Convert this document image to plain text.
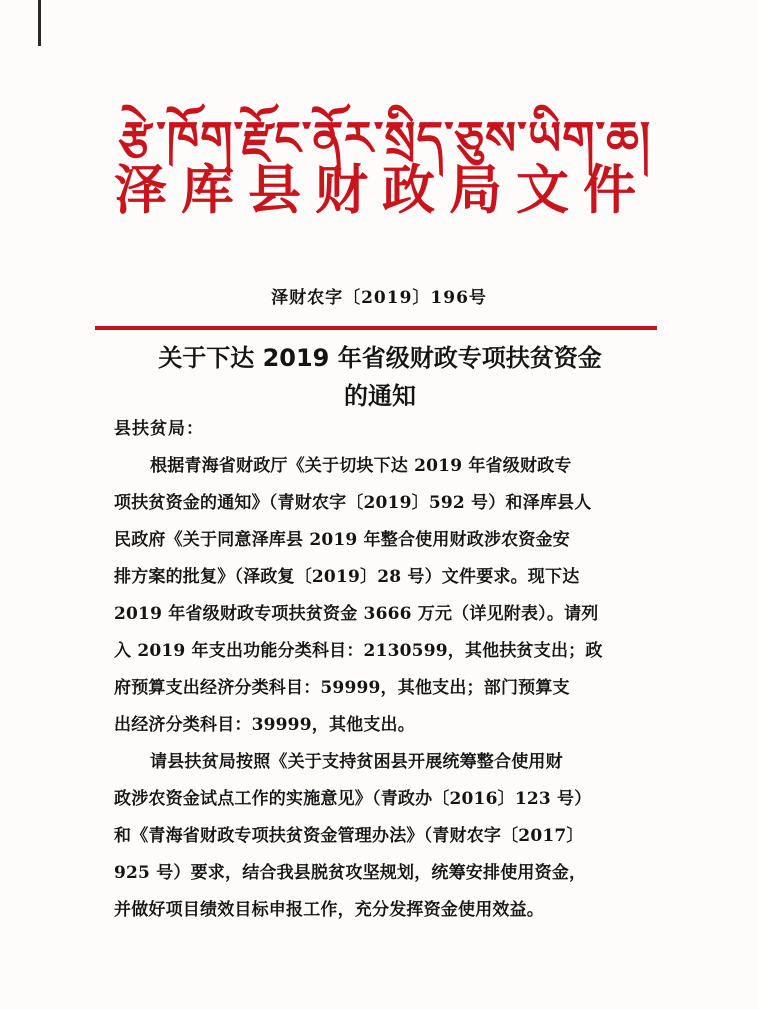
རྩེ་ཁོག་རྫོང་ནོར་སྲིད་ཅུས་ཡིག་ཆ།
泽库县财政局文件
泽财农字〔2019〕196号
关于下达 2019 年省级财政专项扶贫资金
的通知
县扶贫局：
根据青海省财政厅《关于切块下达 2019 年省级财政专
项扶贫资金的通知》（青财农字〔2019〕592 号）和泽库县人
民政府《关于同意泽库县 2019 年整合使用财政涉农资金安
排方案的批复》（泽政复〔2019〕28 号）文件要求。现下达
2019 年省级财政专项扶贫资金 3666 万元（详见附表）。请列
入 2019 年支出功能分类科目：2130599，其他扶贫支出；政
府预算支出经济分类科目：59999，其他支出；部门预算支
出经济分类科目：39999，其他支出。
请县扶贫局按照《关于支持贫困县开展统筹整合使用财
政涉农资金试点工作的实施意见》（青政办〔2016〕123 号）
和《青海省财政专项扶贫资金管理办法》（青财农字〔2017〕
925 号）要求，结合我县脱贫攻坚规划，统筹安排使用资金，
并做好项目绩效目标申报工作，充分发挥资金使用效益。
